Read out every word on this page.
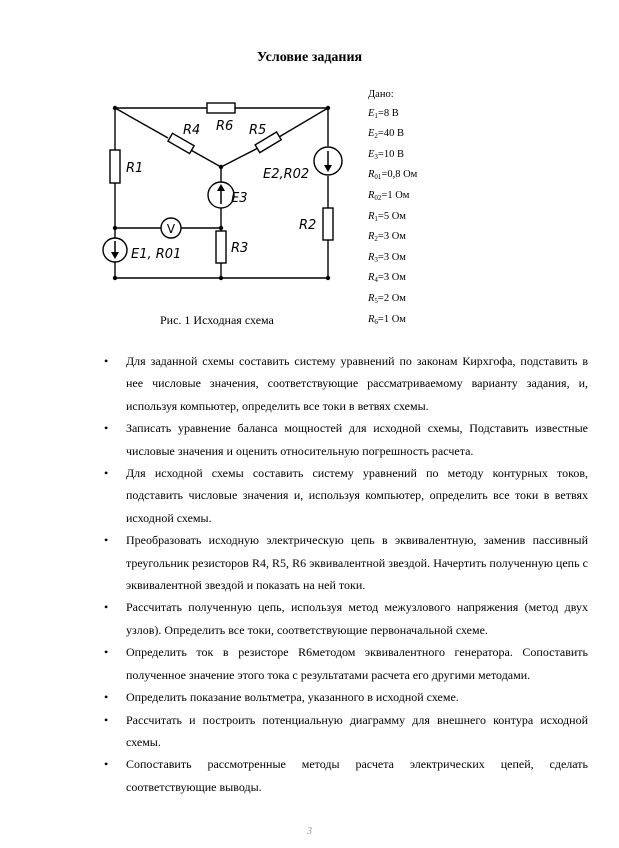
Условие задания
V
R4 R6 R5
R1
E3
E2,R02
R2
R3
E1, R01
Дано:
$E_1=8$ В
$E_2=40$ В
$E_3=10$ В
$R_{01}=0,8$ Ом
$R_{02}=1$ Ом
$R_1=5$ Ом
$R_2=3$ Ом
$R_3=3$ Ом
$R_4=3$ Ом
$R_5=2$ Ом
$R_6=1$ Ом
Рис. 1 Исходная схема
• Для заданной схемы составить систему уравнений по законам Кирхгофа, подставить в нее числовые значения, соответствующие рассматриваемому варианту задания, и, используя компьютер, определить все токи в ветвях схемы.
• Записать уравнение баланса мощностей для исходной схемы, Подставить известные числовые значения и оценить относительную погрешность расчета.
• Для исходной схемы составить систему уравнений по методу контурных токов, подставить числовые значения и, используя компьютер, определить все токи в ветвях исходной схемы.
• Преобразовать исходную электрическую цепь в эквивалентную, заменив пассивный треугольник резисторов R4, R5, R6 эквивалентной звездой. Начертить полученную цепь с эквивалентной звездой и показать на ней токи.
• Рассчитать полученную цепь, используя метод межузлового напряжения (метод двух узлов). Определить все токи, соответствующие первоначальной схеме.
• Определить ток в резисторе R6методом эквивалентного генератора. Сопоставить полученное значение этого тока с результатами расчета его другими методами.
• Определить показание вольтметра, указанного в исходной схеме.
• Рассчитать и построить потенциальную диаграмму для внешнего контура исходной схемы.
• Сопоставить рассмотренные методы расчета электрических цепей, сделать соответствующие выводы.
3
